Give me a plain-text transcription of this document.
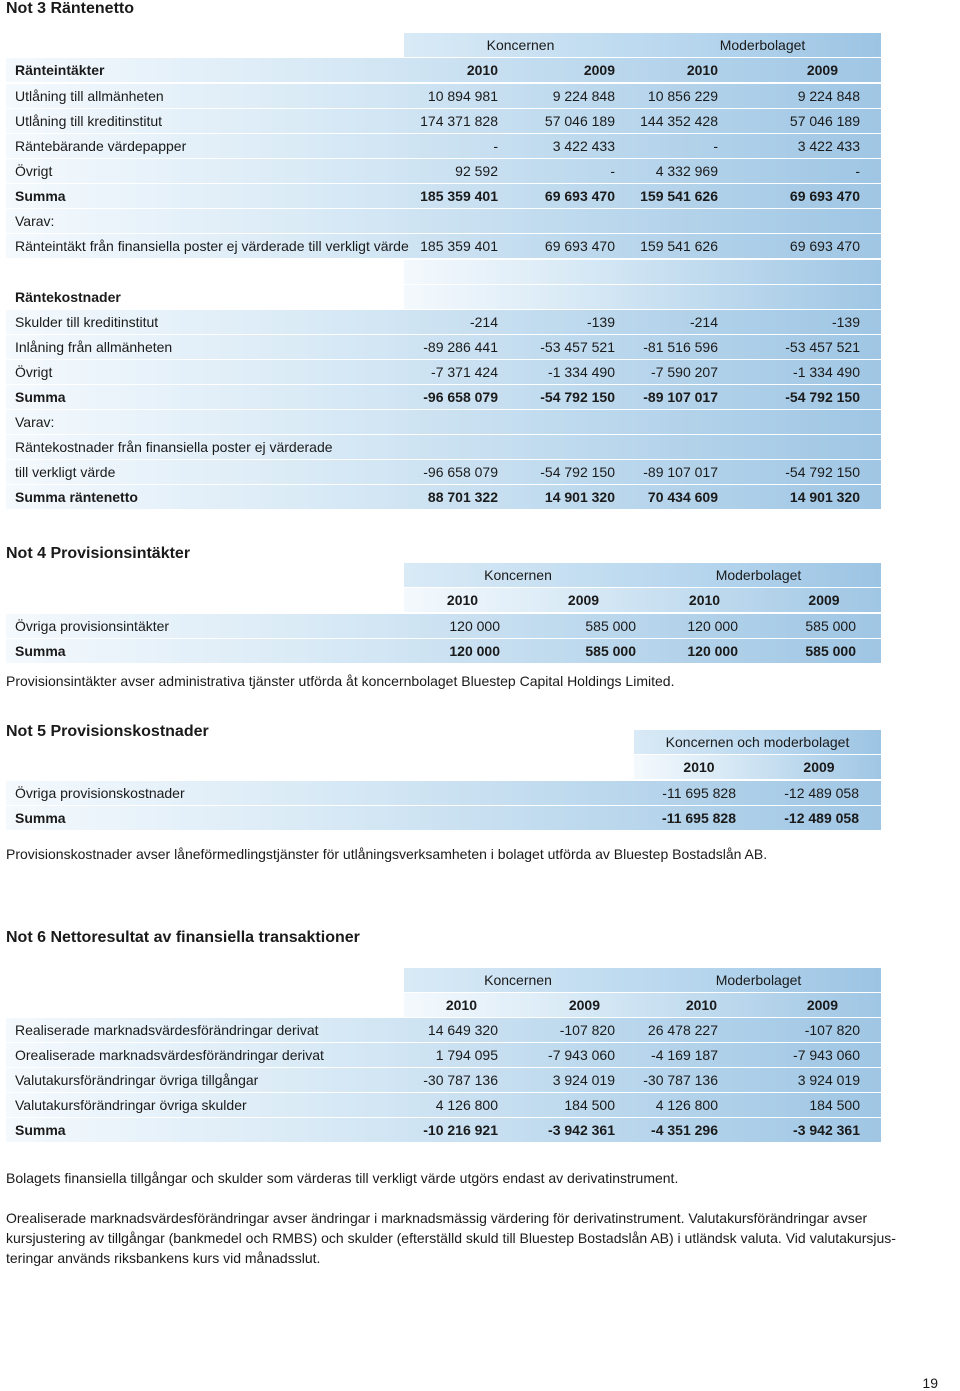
Not 3 Räntenetto
Koncernen	Moderbolaget
Ränteintäkter	2010	2009	2010	2009
Utlåning till allmänheten	10 894 981	9 224 848	10 856 229	9 224 848
Utlåning till kreditinstitut	174 371 828	57 046 189	144 352 428	57 046 189
Räntebärande värdepapper	-	3 422 433	-	3 422 433
Övrigt	92 592	-	4 332 969	-
Summa	185 359 401	69 693 470	159 541 626	69 693 470
Varav:
Ränteintäkt från finansiella poster ej värderade till verkligt värde 185 359 401	69 693 470	159 541 626	69 693 470
Räntekostnader
Skulder till kreditinstitut	-214	-139	-214	-139
Inlåning från allmänheten	-89 286 441	-53 457 521	-81 516 596	-53 457 521
Övrigt	-7 371 424	-1 334 490	-7 590 207	-1 334 490
Summa	-96 658 079	-54 792 150	-89 107 017	-54 792 150
Varav:
Räntekostnader från finansiella poster ej värderade
till verkligt värde	-96 658 079	-54 792 150	-89 107 017	-54 792 150
Summa räntenetto	88 701 322	14 901 320	70 434 609	14 901 320
Not 4 Provisionsintäkter
Koncernen	Moderbolaget
2010	2009	2010	2009
Övriga provisionsintäkter	120 000	585 000	120 000	585 000
Summa	120 000	585 000	120 000	585 000
Provisionsintäkter avser administrativa tjänster utförda åt koncernbolaget Bluestep Capital Holdings Limited.
Not 5 Provisionskostnader
Koncernen och moderbolaget
2010	2009
Övriga provisionskostnader	-11 695 828	-12 489 058
Summa	-11 695 828	-12 489 058
Provisionskostnader avser låneförmedlingstjänster för utlåningsverksamheten i bolaget utförda av Bluestep Bostadslån AB.
Not 6 Nettoresultat av finansiella transaktioner
Koncernen	Moderbolaget
2010	2009	2010	2009
Realiserade marknadsvärdesförändringar derivat	14 649 320	-107 820	26 478 227	-107 820
Orealiserade marknadsvärdesförändringar derivat	1 794 095	-7 943 060	-4 169 187	-7 943 060
Valutakursförändringar övriga tillgångar	-30 787 136	3 924 019	-30 787 136	3 924 019
Valutakursförändringar övriga skulder	4 126 800	184 500	4 126 800	184 500
Summa	-10 216 921	-3 942 361	-4 351 296	-3 942 361
Bolagets finansiella tillgångar och skulder som värderas till verkligt värde utgörs endast av derivatinstrument.
Orealiserade marknadsvärdesförändringar avser ändringar i marknadsmässig värdering för derivatinstrument. Valutakursförändringar avser
kursjustering av tillgångar (bankmedel och RMBS) och skulder (efterställd skuld till Bluestep Bostadslån AB) i utländsk valuta. Vid valutakursjus-
teringar används riksbankens kurs vid månadsslut.
19
